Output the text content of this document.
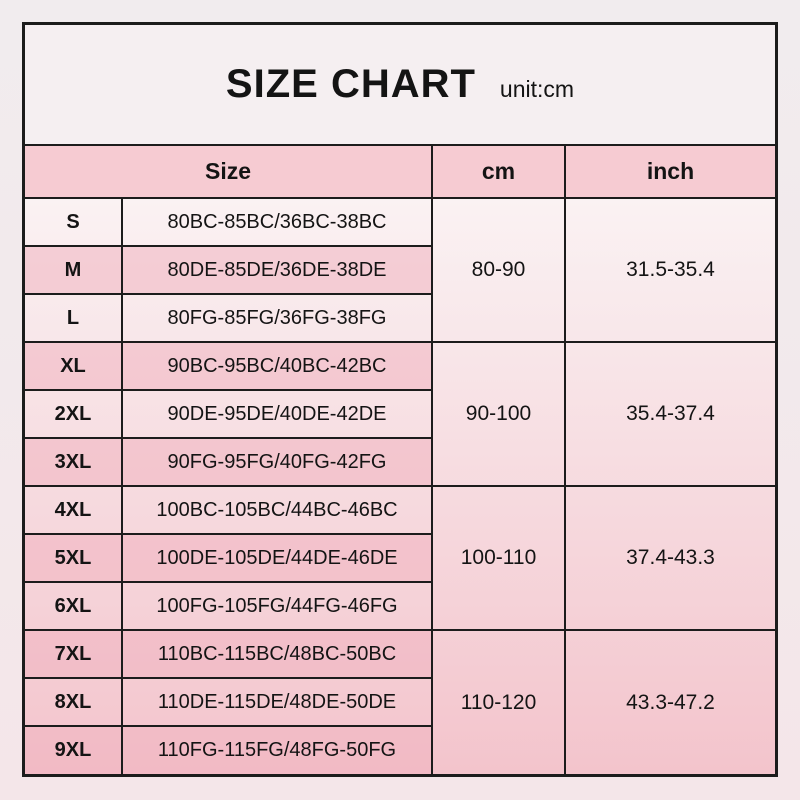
SIZE CHART unit:cm
Size		cm	inch
S	80BC-85BC/36BC-38BC	80-90	31.5-35.4
M	80DE-85DE/36DE-38DE		
L	80FG-85FG/36FG-38FG		
XL	90BC-95BC/40BC-42BC	90-100	35.4-37.4
2XL	90DE-95DE/40DE-42DE		
3XL	90FG-95FG/40FG-42FG		
4XL	100BC-105BC/44BC-46BC	100-110	37.4-43.3
5XL	100DE-105DE/44DE-46DE		
6XL	100FG-105FG/44FG-46FG		
7XL	110BC-115BC/48BC-50BC	110-120	43.3-47.2
8XL	110DE-115DE/48DE-50DE		
9XL	110FG-115FG/48FG-50FG		
